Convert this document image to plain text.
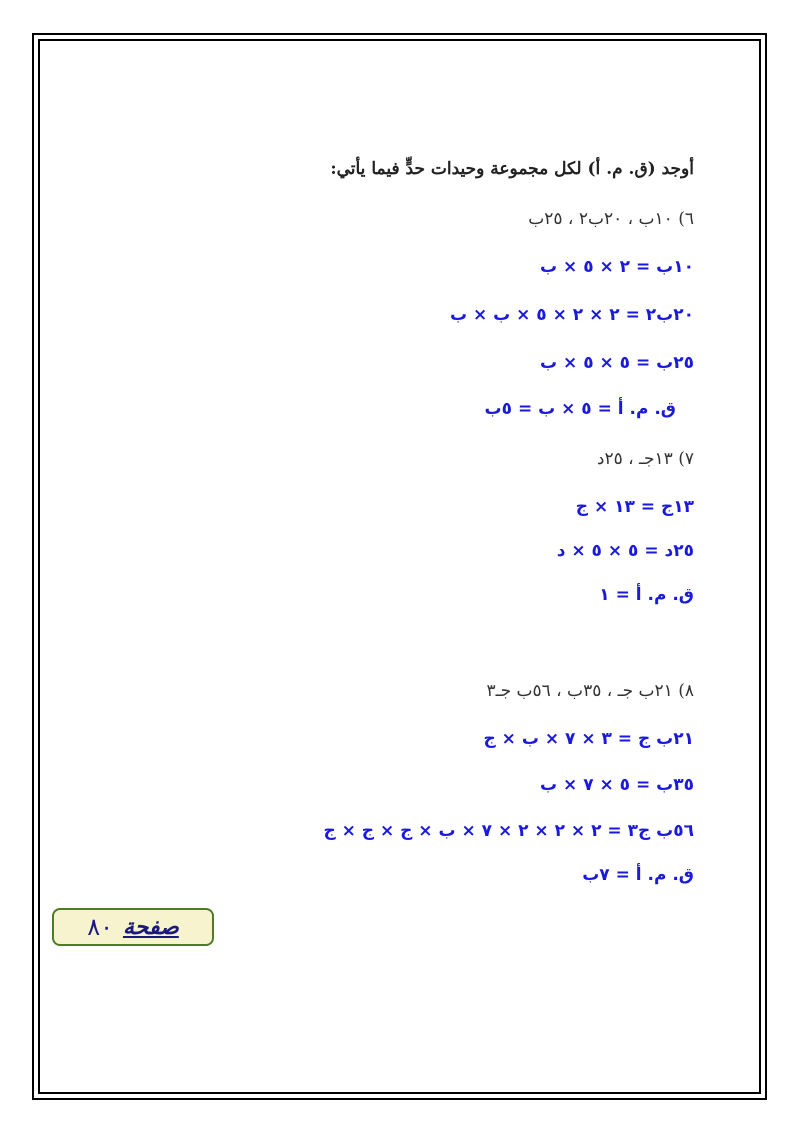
أوجد (ق. م. أ) لكل مجموعة وحيدات حدٍّ فيما يأتي:
٦) ١٠ب ، ٢٠ب٢ ، ٢٥ب
١٠ب = ٢ × ٥ × ب
٢٠ب٢ = ٢ × ٢ × ٥ × ب × ب
٢٥ب = ٥ × ٥ × ب
ق. م. أ = ٥ × ب = ٥ب
٧) ١٣جـ ، ٢٥د
١٣ج = ١٣ × ج
٢٥د = ٥ × ٥ × د
ق. م. أ = ١
٨) ٢١ب جـ ، ٣٥ب ، ٥٦ب جـ٣
٢١ب ج = ٣ × ٧ × ب × ج
٣٥ب = ٥ × ٧ × ب
٥٦ب ج٣ = ٢ × ٢ × ٢ × ٧ × ب × ج × ج × ج
ق. م. أ = ٧ب
صفحة
٨٠
